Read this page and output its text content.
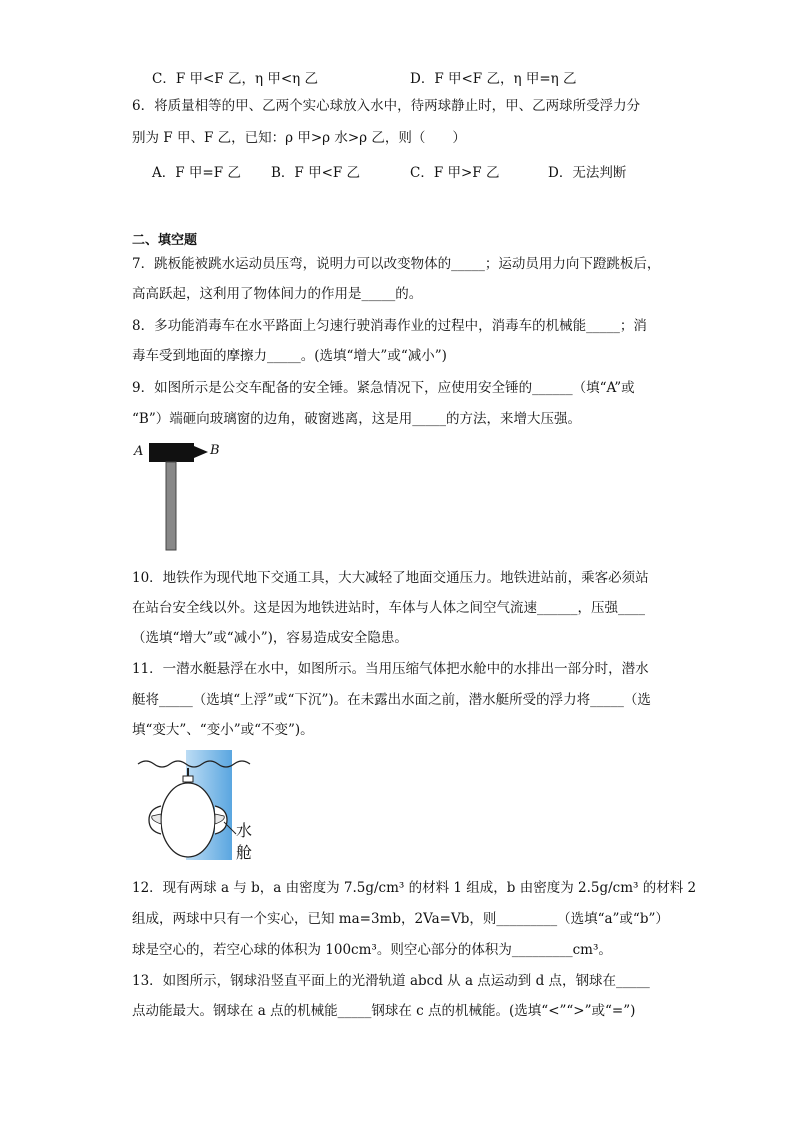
C．F 甲<F 乙，η 甲<η 乙	D．F 甲<F 乙，η 甲=η 乙
6．将质量相等的甲、乙两个实心球放入水中，待两球静止时，甲、乙两球所受浮力分
别为 F 甲、F 乙，已知：ρ 甲>ρ 水>ρ 乙，则（　　）
A．F 甲=F 乙 B．F 甲<F 乙	C．F 甲>F 乙	D．无法判断
二、填空题
7．跳板能被跳水运动员压弯，说明力可以改变物体的_____；运动员用力向下蹬跳板后，
高高跃起，这利用了物体间力的作用是_____的。
8．多功能消毒车在水平路面上匀速行驶消毒作业的过程中，消毒车的机械能_____；消
毒车受到地面的摩擦力_____。(选填“增大”或“减小”)
9．如图所示是公交车配备的安全锤。紧急情况下，应使用安全锤的______（填“A”或
“B”）端砸向玻璃窗的边角，破窗逃离，这是用_____的方法，来增大压强。
A	B
10．地铁作为现代地下交通工具，大大减轻了地面交通压力。地铁进站前，乘客必须站
在站台安全线以外。这是因为地铁进站时，车体与人体之间空气流速______，压强____
（选填“增大”或“减小”)，容易造成安全隐患。
11．一潜水艇悬浮在水中，如图所示。当用压缩气体把水舱中的水排出一部分时，潜水
艇将_____（选填“上浮”或“下沉”)。在未露出水面之前，潜水艇所受的浮力将_____（选
填“变大”、“变小”或“不变”)。
水
舱
12．现有两球 a 与 b，a 由密度为 7.5g/cm³ 的材料 1 组成，b 由密度为 2.5g/cm³ 的材料 2
组成，两球中只有一个实心，已知 ma=3mb，2Va=Vb，则_________（选填“a”或“b”）
球是空心的，若空心球的体积为 100cm³。则空心部分的体积为_________cm³。
13．如图所示，钢球沿竖直平面上的光滑轨道 abcd 从 a 点运动到 d 点，钢球在_____
点动能最大。钢球在 a 点的机械能_____钢球在 c 点的机械能。(选填“<”“>”或“=”)
